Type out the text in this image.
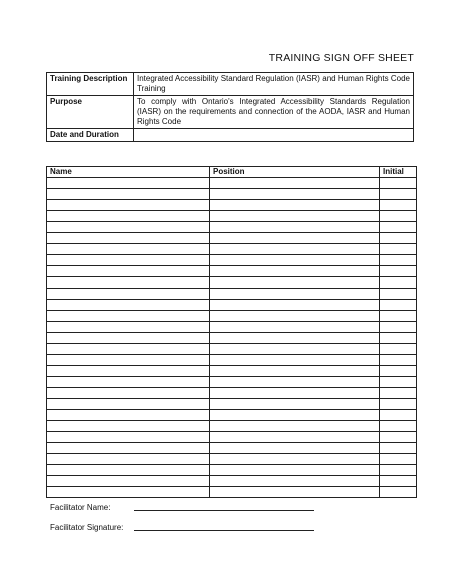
TRAINING SIGN OFF SHEET
Training Description	Integrated Accessibility Standard Regulation (IASR) and Human Rights Code Training
Purpose	To comply with Ontario's Integrated Accessibility Standards Regulation (IASR) on the requirements and connection of the AODA, IASR and Human Rights Code
Date and Duration	
Name	Position	Initial

Facilitator Name:
Facilitator Signature:
